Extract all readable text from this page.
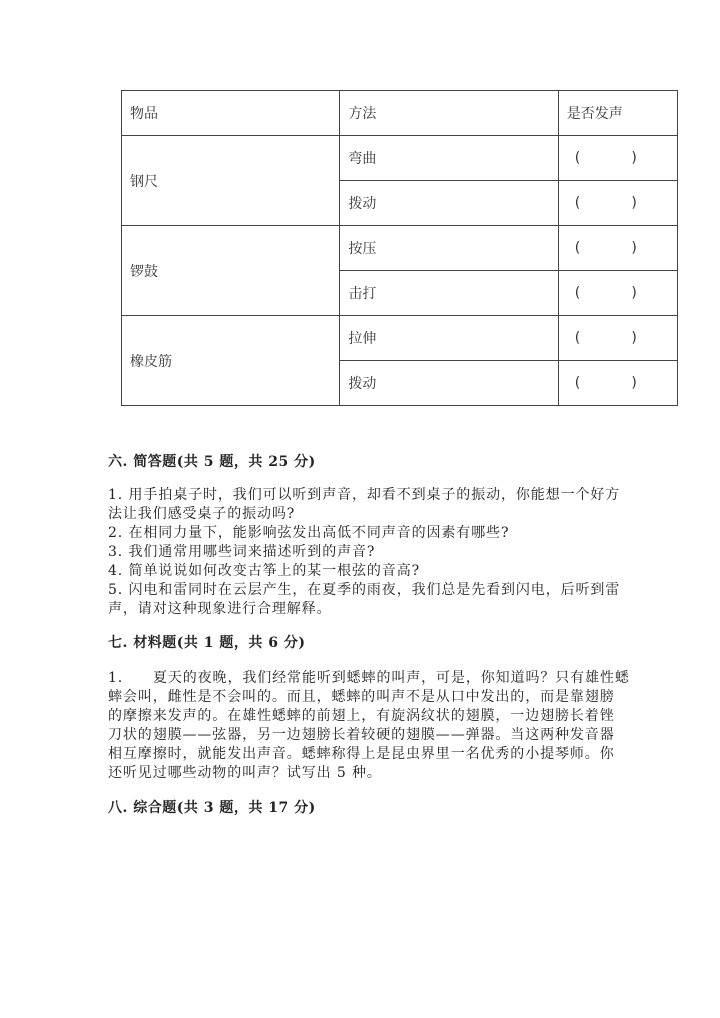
物品	方法	是否发声
钢尺	弯曲	( )

	拨动	( )

锣鼓	按压	( )

	击打	( )

橡皮筋	拉伸	( )

	拨动	( )
六. 简答题(共 5 题，共 25 分)
1. 用手拍桌子时，我们可以听到声音，却看不到桌子的振动，你能想一个好方
法让我们感受桌子的振动吗?
2. 在相同力量下，能影响弦发出高低不同声音的因素有哪些?
3. 我们通常用哪些词来描述听到的声音?
4. 简单说说如何改变古筝上的某一根弦的音高?
5. 闪电和雷同时在云层产生，在夏季的雨夜，我们总是先看到闪电，后听到雷
声，请对这种现象进行合理解释。
七. 材料题(共 1 题，共 6 分)
1.　　夏天的夜晚，我们经常能听到蟋蟀的叫声，可是，你知道吗？只有雄性蟋
蟀会叫，雌性是不会叫的。而且，蟋蟀的叫声不是从口中发出的，而是靠翅膀
的摩擦来发声的。在雄性蟋蟀的前翅上，有旋涡纹状的翅膜，一边翅膀长着锉
刀状的翅膜——弦器，另一边翅膀长着较硬的翅膜——弹器。当这两种发音器
相互摩擦时，就能发出声音。蟋蟀称得上是昆虫界里一名优秀的小提琴师。你
还听见过哪些动物的叫声？试写出 5 种。
八. 综合题(共 3 题，共 17 分)
